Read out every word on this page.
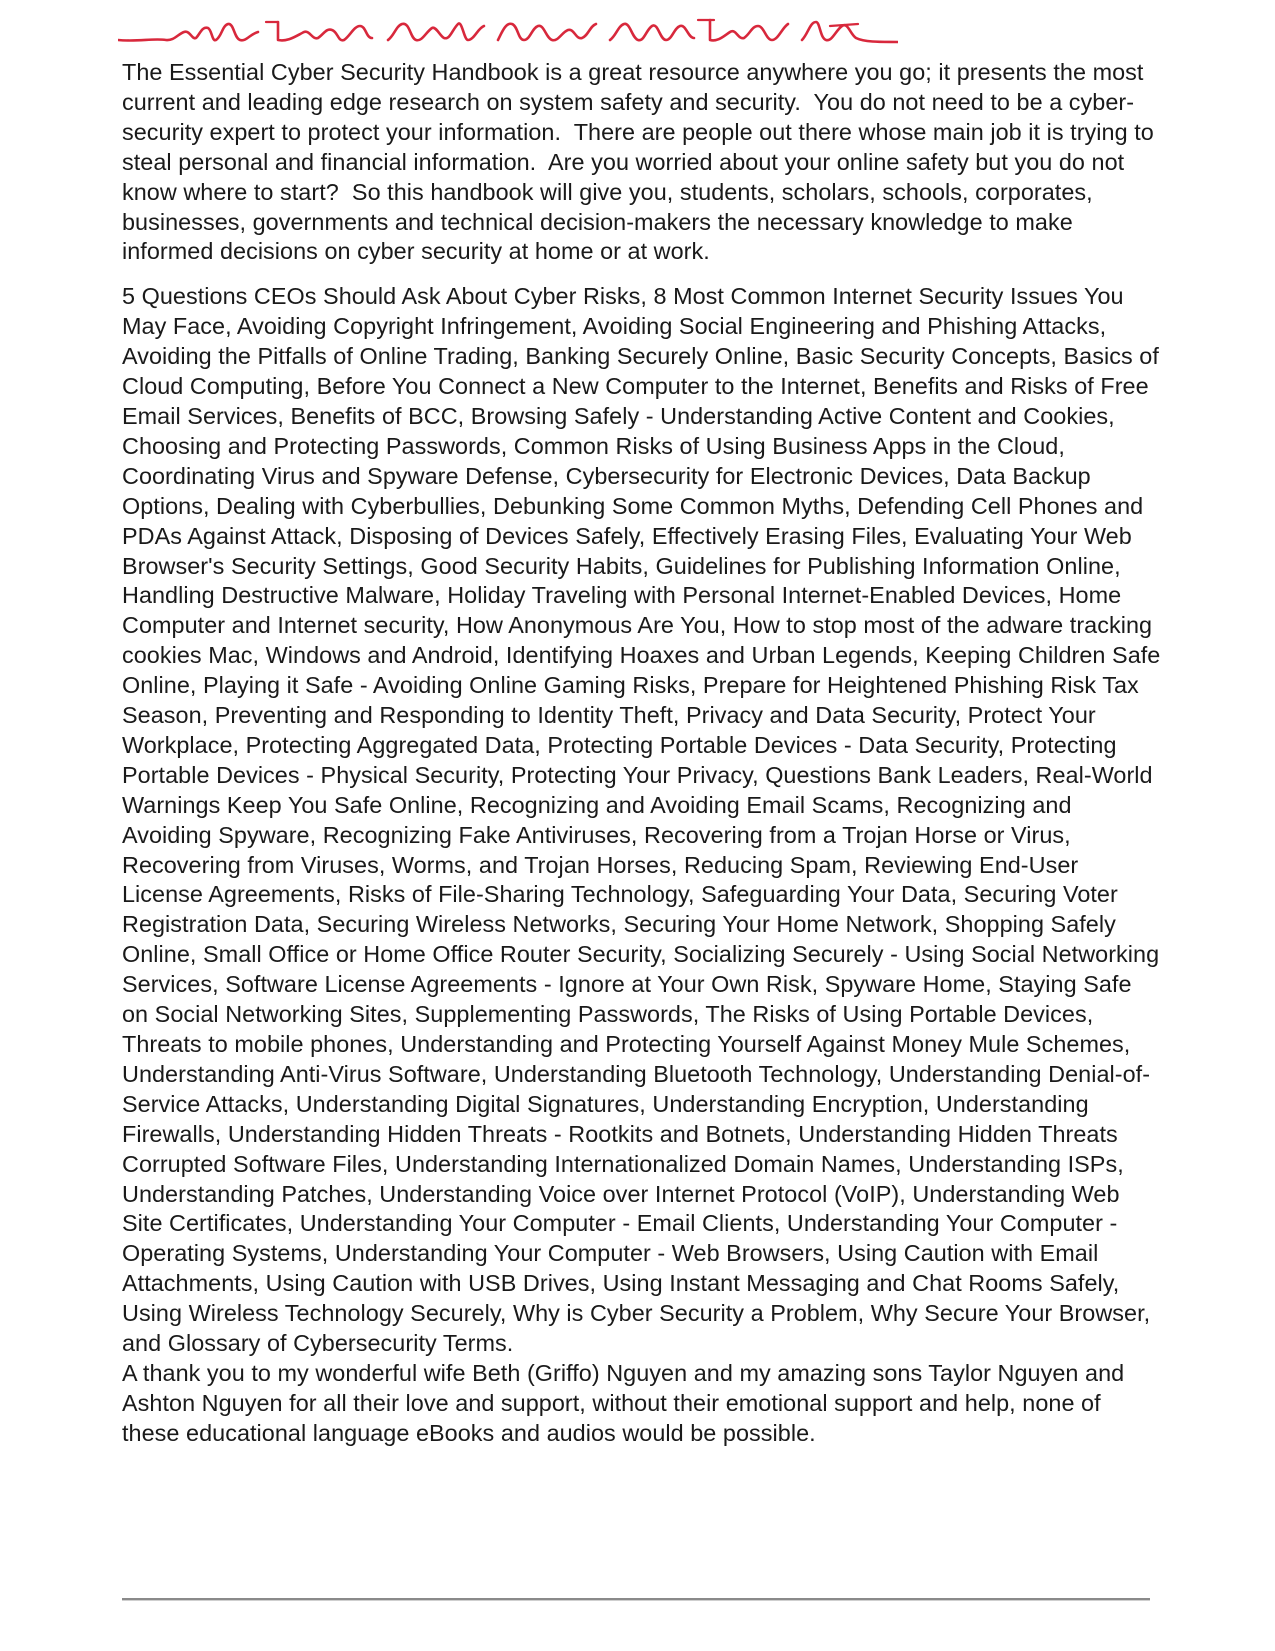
The Essential Cyber Security Handbook is a great resource anywhere you go; it presents the most current and leading edge research on system safety and security.  You do not need to be a cyber-security expert to protect your information.  There are people out there whose main job it is trying to steal personal and financial information.  Are you worried about your online safety but you do not know where to start?  So this handbook will give you, students, scholars, schools, corporates, businesses, governments and technical decision-makers the necessary knowledge to make informed decisions on cyber security at home or at work.

5 Questions CEOs Should Ask About Cyber Risks, 8 Most Common Internet Security Issues You May Face, Avoiding Copyright Infringement, Avoiding Social Engineering and Phishing Attacks, Avoiding the Pitfalls of Online Trading, Banking Securely Online, Basic Security Concepts, Basics of Cloud Computing, Before You Connect a New Computer to the Internet, Benefits and Risks of Free Email Services, Benefits of BCC, Browsing Safely - Understanding Active Content and Cookies, Choosing and Protecting Passwords, Common Risks of Using Business Apps in the Cloud, Coordinating Virus and Spyware Defense, Cybersecurity for Electronic Devices, Data Backup Options, Dealing with Cyberbullies, Debunking Some Common Myths, Defending Cell Phones and PDAs Against Attack, Disposing of Devices Safely, Effectively Erasing Files, Evaluating Your Web Browser's Security Settings, Good Security Habits, Guidelines for Publishing Information Online, Handling Destructive Malware, Holiday Traveling with Personal Internet-Enabled Devices, Home Computer and Internet security, How Anonymous Are You, How to stop most of the adware tracking cookies Mac, Windows and Android, Identifying Hoaxes and Urban Legends, Keeping Children Safe Online, Playing it Safe - Avoiding Online Gaming Risks, Prepare for Heightened Phishing Risk Tax Season, Preventing and Responding to Identity Theft, Privacy and Data Security, Protect Your Workplace, Protecting Aggregated Data, Protecting Portable Devices - Data Security, Protecting Portable Devices - Physical Security, Protecting Your Privacy, Questions Bank Leaders, Real-World Warnings Keep You Safe Online, Recognizing and Avoiding Email Scams, Recognizing and Avoiding Spyware, Recognizing Fake Antiviruses, Recovering from a Trojan Horse or Virus, Recovering from Viruses, Worms, and Trojan Horses, Reducing Spam, Reviewing End-User License Agreements, Risks of File-Sharing Technology, Safeguarding Your Data, Securing Voter Registration Data, Securing Wireless Networks, Securing Your Home Network, Shopping Safely Online, Small Office or Home Office Router Security, Socializing Securely - Using Social Networking Services, Software License Agreements - Ignore at Your Own Risk, Spyware Home, Staying Safe on Social Networking Sites, Supplementing Passwords, The Risks of Using Portable Devices, Threats to mobile phones, Understanding and Protecting Yourself Against Money Mule Schemes, Understanding Anti-Virus Software, Understanding Bluetooth Technology, Understanding Denial-of-Service Attacks, Understanding Digital Signatures, Understanding Encryption, Understanding Firewalls, Understanding Hidden Threats - Rootkits and Botnets, Understanding Hidden Threats Corrupted Software Files, Understanding Internationalized Domain Names, Understanding ISPs, Understanding Patches, Understanding Voice over Internet Protocol (VoIP), Understanding Web Site Certificates, Understanding Your Computer - Email Clients, Understanding Your Computer - Operating Systems, Understanding Your Computer - Web Browsers, Using Caution with Email Attachments, Using Caution with USB Drives, Using Instant Messaging and Chat Rooms Safely, Using Wireless Technology Securely, Why is Cyber Security a Problem, Why Secure Your Browser, and Glossary of Cybersecurity Terms.

A thank you to my wonderful wife Beth (Griffo) Nguyen and my amazing sons Taylor Nguyen and Ashton Nguyen for all their love and support, without their emotional support and help, none of these educational language eBooks and audios would be possible.
